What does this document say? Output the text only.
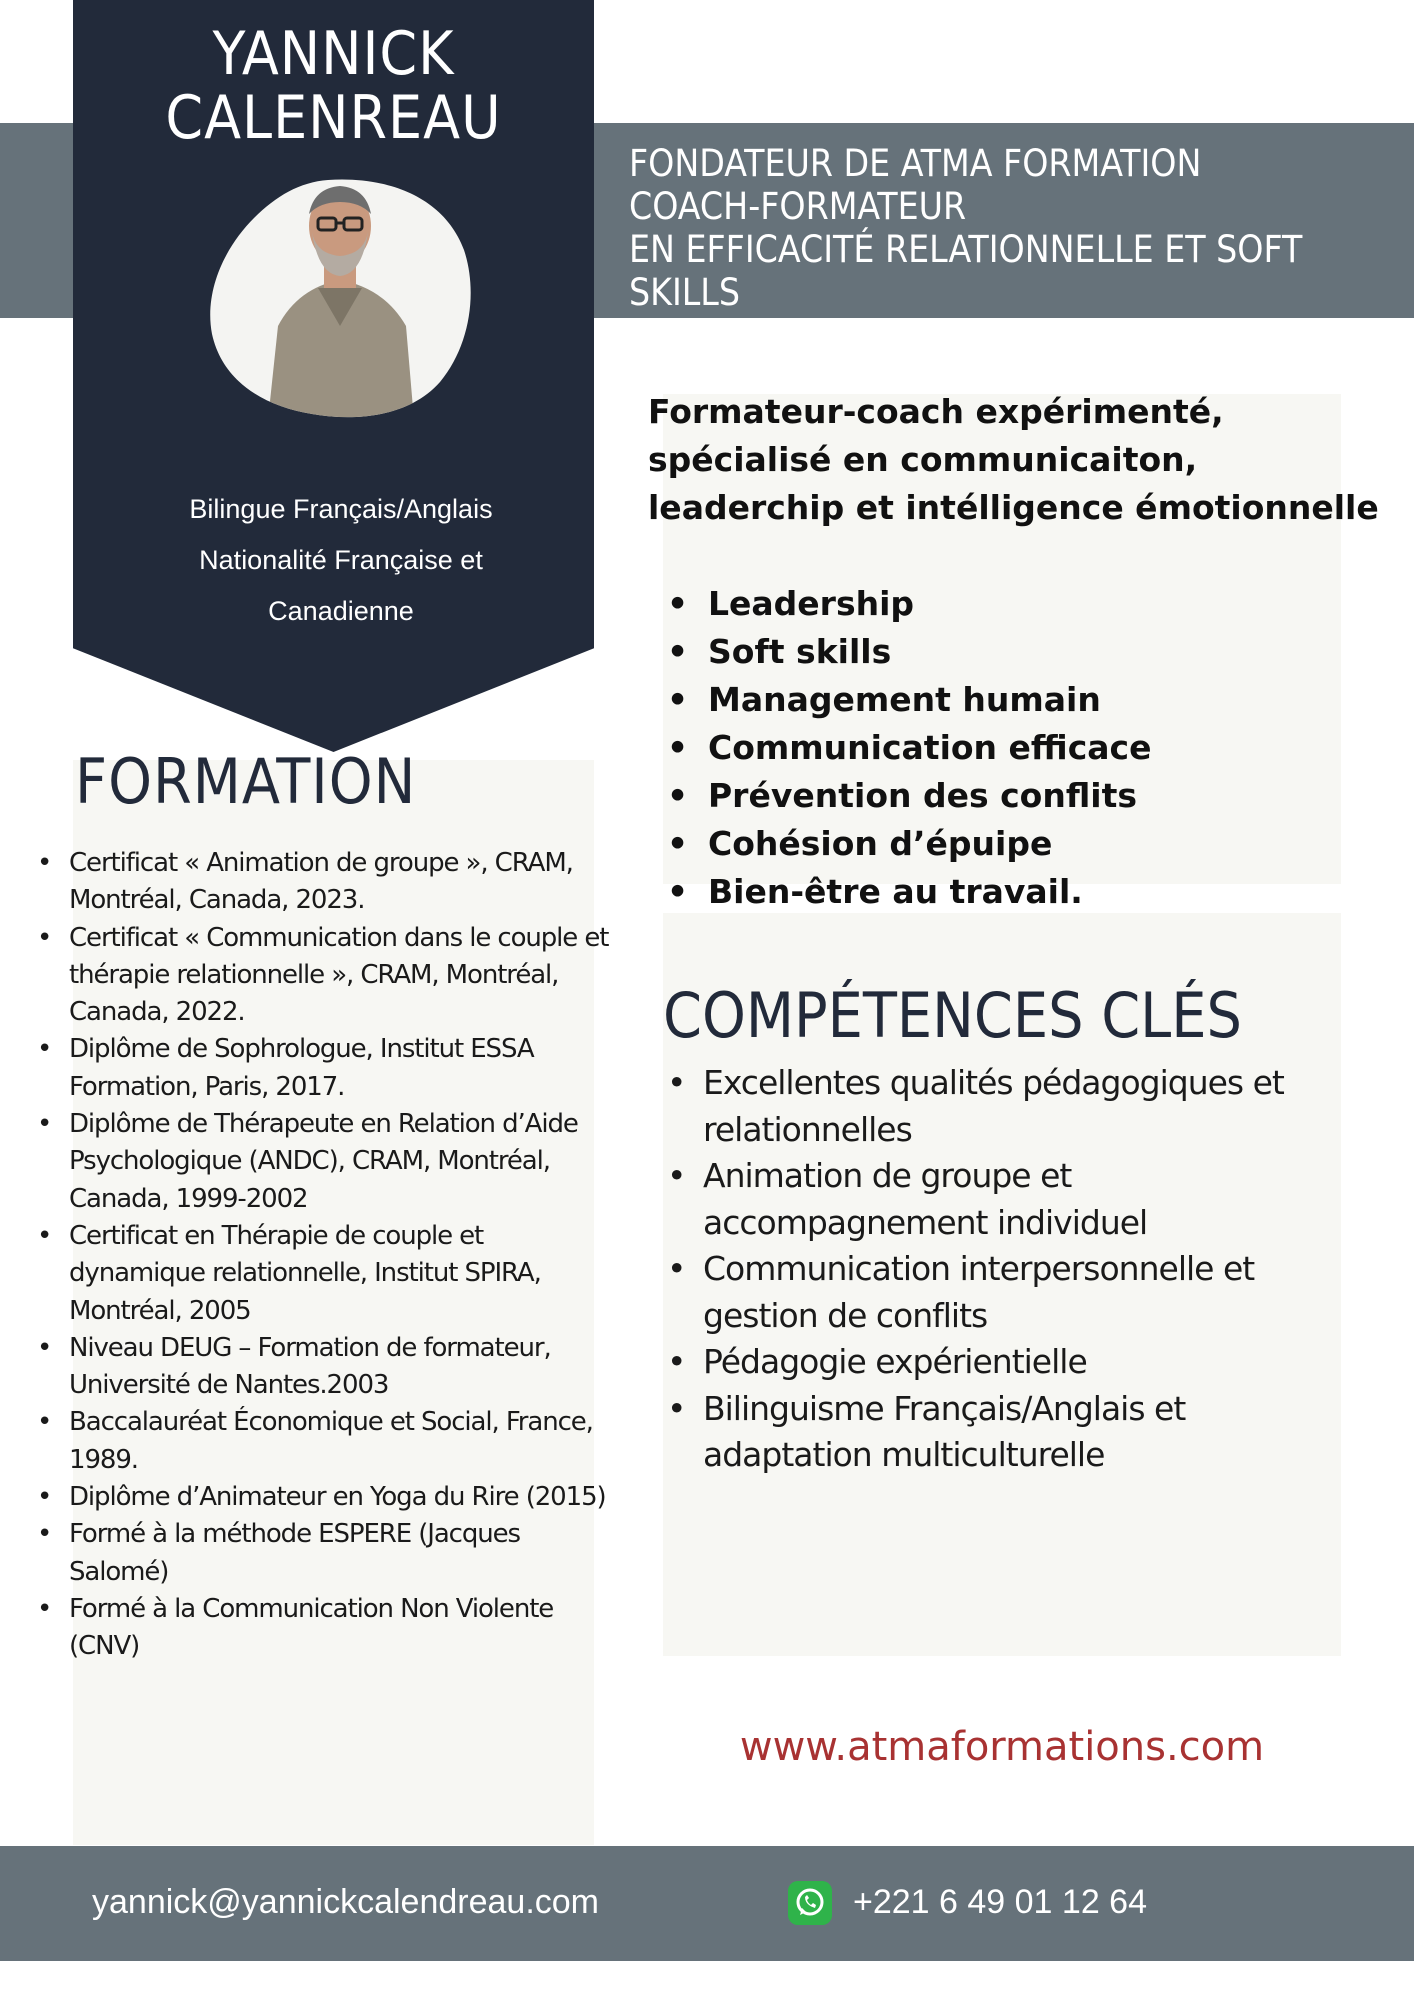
YANNICK
CALENREAU
Bilingue Français/Anglais
Nationalité Française et
Canadienne
FONDATEUR DE ATMA FORMATION
COACH-FORMATEUR
EN EFFICACITÉ RELATIONNELLE ET SOFT
SKILLS
Formateur-coach expérimenté,
spécialisé en communicaiton,
leaderchip et intélligence émotionnelle
• Leadership
• Soft skills
• Management humain
• Communication efficace
• Prévention des conflits
• Cohésion d’épuipe
• Bien-être au travail.
FORMATION
• Certificat « Animation de groupe », CRAM, Montréal, Canada, 2023.
• Certificat « Communication dans le couple et thérapie relationnelle », CRAM, Montréal, Canada, 2022.
• Diplôme de Sophrologue, Institut ESSA Formation, Paris, 2017.
• Diplôme de Thérapeute en Relation d’Aide Psychologique (ANDC), CRAM, Montréal, Canada, 1999-2002
• Certificat en Thérapie de couple et dynamique relationnelle, Institut SPIRA, Montréal, 2005
• Niveau DEUG – Formation de formateur, Université de Nantes.2003
• Baccalauréat Économique et Social, France, 1989.
• Diplôme d’Animateur en Yoga du Rire (2015)
• Formé à la méthode ESPERE (Jacques Salomé)
• Formé à la Communication Non Violente (CNV)
COMPÉTENCES CLÉS
• Excellentes qualités pédagogiques et relationnelles
• Animation de groupe et accompagnement individuel
• Communication interpersonnelle et gestion de conflits
• Pédagogie expérientielle
• Bilinguisme Français/Anglais et adaptation multiculturelle
www.atmaformations.com
yannick@yannickcalendreau.com	+221 6 49 01 12 64
